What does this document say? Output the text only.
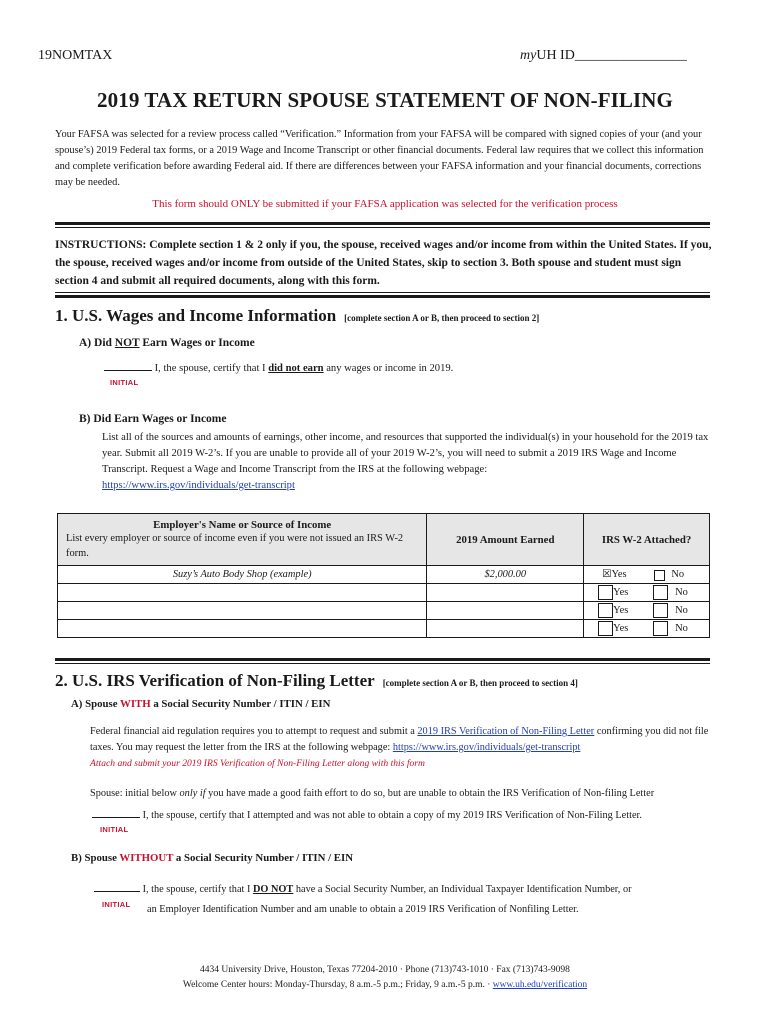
19NOMTAX	myUH ID________________
2019 TAX RETURN SPOUSE STATEMENT OF NON-FILING
Your FAFSA was selected for a review process called “Verification.” Information from your FAFSA will be compared with signed copies of your (and your spouse’s) 2019 Federal tax forms, or a 2019 Wage and Income Transcript or other financial documents. Federal law requires that we collect this information and complete verification before awarding Federal aid. If there are differences between your FAFSA information and your financial documents, corrections may be needed.
This form should ONLY be submitted if your FAFSA application was selected for the verification process
INSTRUCTIONS: Complete section 1 & 2 only if you, the spouse, received wages and/or income from within the United States. If you, the spouse, received wages and/or income from outside of the United States, skip to section 3. Both spouse and student must sign section 4 and submit all required documents, along with this form.
1. U.S. Wages and Income Information [complete section A or B, then proceed to section 2]
A) Did NOT Earn Wages or Income
I, the spouse, certify that I did not earn any wages or income in 2019.
INITIAL
B) Did Earn Wages or Income
List all of the sources and amounts of earnings, other income, and resources that supported the individual(s) in your household for the 2019 tax year. Submit all 2019 W-2’s. If you are unable to provide all of your 2019 W-2’s, you will need to submit a 2019 IRS Wage and Income Transcript. Request a Wage and Income Transcript from the IRS at the following webpage:
https://www.irs.gov/individuals/get-transcript
Employer's Name or Source of Income
List every employer or source of income even if you were not issued an IRS W-2 form.	2019 Amount Earned	IRS W-2 Attached?
Suzy’s Auto Body Shop (example)	$2,000.00	☒Yes No
		Yes No
		Yes No
		Yes No
2. U.S. IRS Verification of Non-Filing Letter [complete section A or B, then proceed to section 4]
A) Spouse WITH a Social Security Number / ITIN / EIN
Federal financial aid regulation requires you to attempt to request and submit a 2019 IRS Verification of Non-Filing Letter confirming you did not file taxes. You may request the letter from the IRS at the following webpage: https://www.irs.gov/individuals/get-transcript
Attach and submit your 2019 IRS Verification of Non-Filing Letter along with this form
Spouse: initial below only if you have made a good faith effort to do so, but are unable to obtain the IRS Verification of Non-filing Letter
I, the spouse, certify that I attempted and was not able to obtain a copy of my 2019 IRS Verification of Non-Filing Letter.
INITIAL
B) Spouse WITHOUT a Social Security Number / ITIN / EIN
I, the spouse, certify that I DO NOT have a Social Security Number, an Individual Taxpayer Identification Number, or
INITIAL an Employer Identification Number and am unable to obtain a 2019 IRS Verification of Nonfiling Letter.
4434 University Drive, Houston, Texas 77204-2010 · Phone (713)743-1010 · Fax (713)743-9098
Welcome Center hours: Monday-Thursday, 8 a.m.-5 p.m.; Friday, 9 a.m.-5 p.m. · www.uh.edu/verification
